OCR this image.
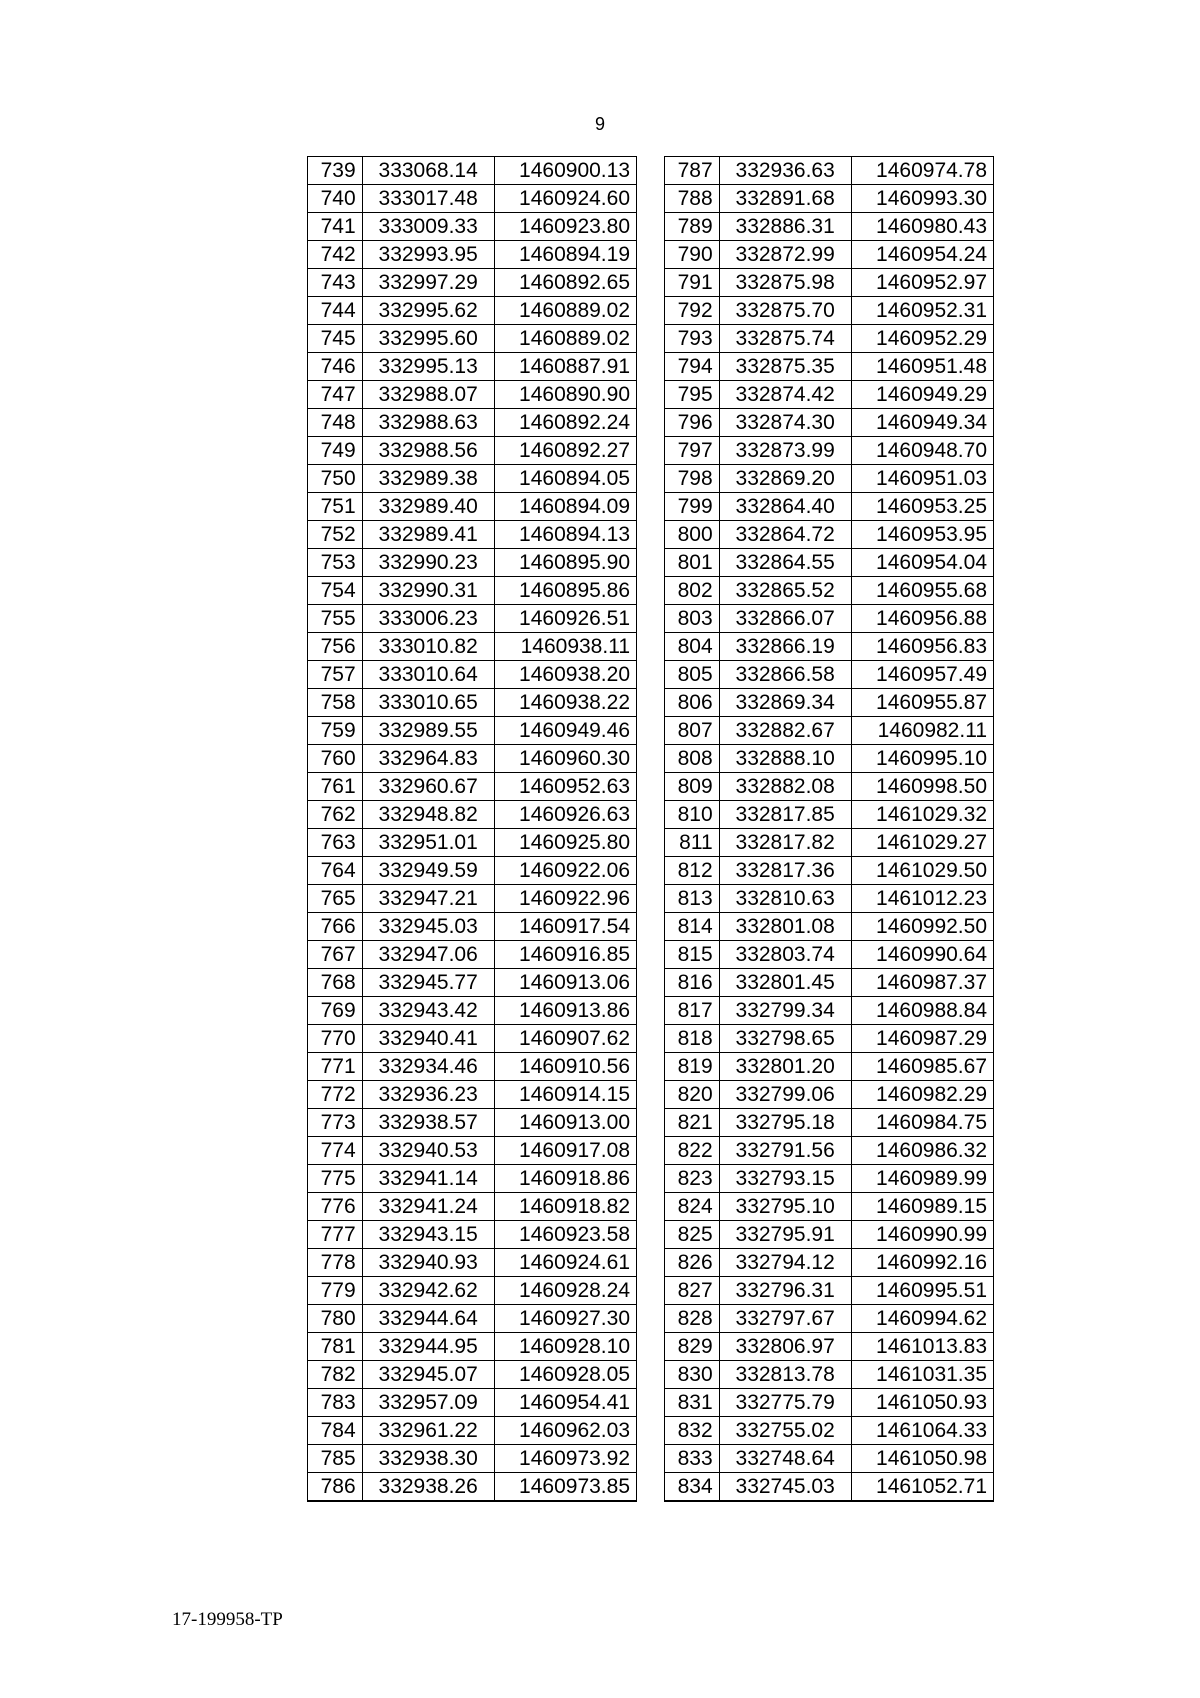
9
739	333068.14	1460900.13
740	333017.48	1460924.60
741	333009.33	1460923.80
742	332993.95	1460894.19
743	332997.29	1460892.65
744	332995.62	1460889.02
745	332995.60	1460889.02
746	332995.13	1460887.91
747	332988.07	1460890.90
748	332988.63	1460892.24
749	332988.56	1460892.27
750	332989.38	1460894.05
751	332989.40	1460894.09
752	332989.41	1460894.13
753	332990.23	1460895.90
754	332990.31	1460895.86
755	333006.23	1460926.51
756	333010.82	1460938.11
757	333010.64	1460938.20
758	333010.65	1460938.22
759	332989.55	1460949.46
760	332964.83	1460960.30
761	332960.67	1460952.63
762	332948.82	1460926.63
763	332951.01	1460925.80
764	332949.59	1460922.06
765	332947.21	1460922.96
766	332945.03	1460917.54
767	332947.06	1460916.85
768	332945.77	1460913.06
769	332943.42	1460913.86
770	332940.41	1460907.62
771	332934.46	1460910.56
772	332936.23	1460914.15
773	332938.57	1460913.00
774	332940.53	1460917.08
775	332941.14	1460918.86
776	332941.24	1460918.82
777	332943.15	1460923.58
778	332940.93	1460924.61
779	332942.62	1460928.24
780	332944.64	1460927.30
781	332944.95	1460928.10
782	332945.07	1460928.05
783	332957.09	1460954.41
784	332961.22	1460962.03
785	332938.30	1460973.92
786	332938.26	1460973.85
787	332936.63	1460974.78
788	332891.68	1460993.30
789	332886.31	1460980.43
790	332872.99	1460954.24
791	332875.98	1460952.97
792	332875.70	1460952.31
793	332875.74	1460952.29
794	332875.35	1460951.48
795	332874.42	1460949.29
796	332874.30	1460949.34
797	332873.99	1460948.70
798	332869.20	1460951.03
799	332864.40	1460953.25
800	332864.72	1460953.95
801	332864.55	1460954.04
802	332865.52	1460955.68
803	332866.07	1460956.88
804	332866.19	1460956.83
805	332866.58	1460957.49
806	332869.34	1460955.87
807	332882.67	1460982.11
808	332888.10	1460995.10
809	332882.08	1460998.50
810	332817.85	1461029.32
811	332817.82	1461029.27
812	332817.36	1461029.50
813	332810.63	1461012.23
814	332801.08	1460992.50
815	332803.74	1460990.64
816	332801.45	1460987.37
817	332799.34	1460988.84
818	332798.65	1460987.29
819	332801.20	1460985.67
820	332799.06	1460982.29
821	332795.18	1460984.75
822	332791.56	1460986.32
823	332793.15	1460989.99
824	332795.10	1460989.15
825	332795.91	1460990.99
826	332794.12	1460992.16
827	332796.31	1460995.51
828	332797.67	1460994.62
829	332806.97	1461013.83
830	332813.78	1461031.35
831	332775.79	1461050.93
832	332755.02	1461064.33
833	332748.64	1461050.98
834	332745.03	1461052.71
17-199958-TP
